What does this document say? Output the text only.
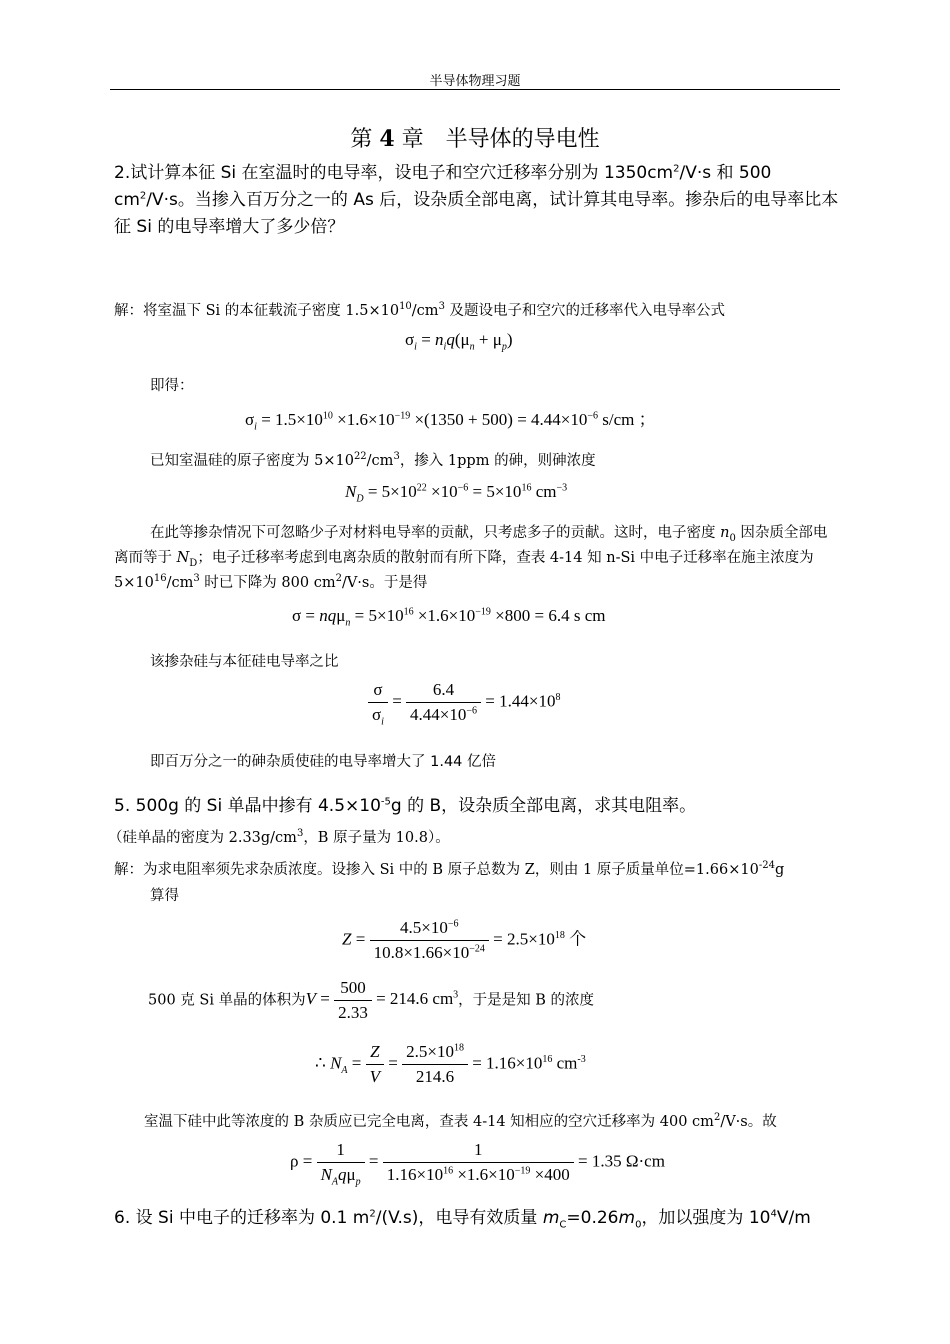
半导体物理习题
第 4 章　半导体的导电性
2.试计算本征 Si 在室温时的电导率，设电子和空穴迁移率分别为 $1350cm^2/V\cdot s$ 和 500 $cm^2/V\cdot s$。当掺入百万分之一的 As 后，设杂质全部电离，试计算其电导率。掺杂后的电导率比本征 Si 的电导率增大了多少倍？
解：将室温下 Si 的本征载流子密度 $1.5\times 10^{10}/cm^3$ 及题设电子和空穴的迁移率代入电导率公式
$\sigma_i = n_iq(\mu_n + \mu_p)$
即得：
$\sigma_i = 1.5\times 10^{10} \times 1.6\times 10^{-19} \times(1350 + 500) = 4.44\times 10^{-6}$ s/cm ；
已知室温硅的原子密度为 $5\times 10^{22}/cm^3$，掺入 1ppm 的砷，则砷浓度
$N_D = 5\times 10^{22} \times 10^{-6} = 5\times 10^{16}$ $cm^{-3}$
在此等掺杂情况下可忽略少子对材料电导率的贡献，只考虑多子的贡献。这时，电子密度 $n_0$ 因杂质全部电离而等于 $N_D$；电子迁移率考虑到电离杂质的散射而有所下降，查表 4-14 知 n-Si 中电子迁移率在施主浓度为 $5\times 10^{16}/cm^3$ 时已下降为 800 $cm^2/V\cdot s$。于是得
$\sigma = nq\mu_n = 5\times 10^{16} \times 1.6\times 10^{-19} \times 800 = 6.4$ s cm
该掺杂硅与本征硅电导率之比
$\frac{\sigma}{\sigma_i} = \frac{6.4}{4.44\times 10^{-6}} = 1.44\times 10^8$
即百万分之一的砷杂质使硅的电导率增大了 1.44 亿倍
5. 500g 的 Si 单晶中掺有 $4.5\times 10^{-5}g$ 的 B，设杂质全部电离，求其电阻率。
（硅单晶的密度为 $2.33g/cm^3$，B 原子量为 10.8）。
解：为求电阻率须先求杂质浓度。设掺入 Si 中的 B 原子总数为 Z，则由 1 原子质量单位$=1.66\times 10^{-24}g$
算得
$Z = \frac{4.5\times 10^{-6}}{10.8\times 1.66\times 10^{-24}} = 2.5\times 10^{18}$ 个
500 克 Si 单晶的体积为$V = \frac{500}{2.33} = 214.6$ $cm^3$，于是是知 B 的浓度
∴ $N_A = \frac{Z}{V} = \frac{2.5\times 10^{18}}{214.6} = 1.16\times 10^{16}$ $cm^{-3}$
室温下硅中此等浓度的 B 杂质应已完全电离，查表 4-14 知相应的空穴迁移率为 400 $cm^2/V\cdot s$。故
$\rho = \frac{1}{N_Aq\mu_p} = \frac{1}{1.16\times 10^{16} \times 1.6\times 10^{-19} \times 400} = 1.35$ Ω·cm
6. 设 Si 中电子的迁移率为 0.1 $m^2/(V.s)$，电导有效质量 $m_C=0.26m_0$，加以强度为 $10^4V/m$
